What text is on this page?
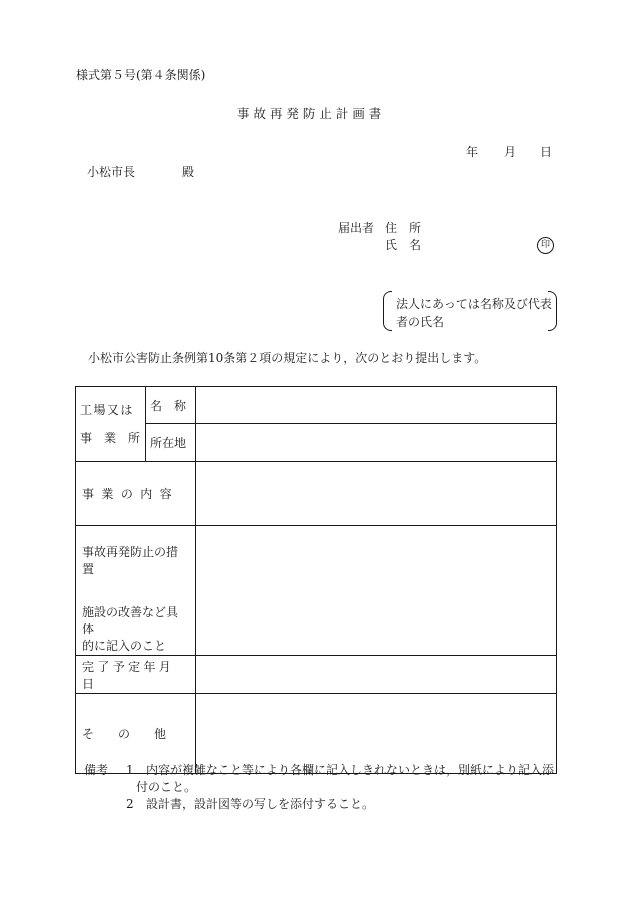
様式第５号(第４条関係)
事 故 再 発 防 止 計 画 書
年 月 日
小松市長	殿
届出者 住　所
氏　名	印
法人にあっては名称及び代表
者の氏名
小松市公害防止条例第10条第２項の規定により，次のとおり提出します。
工場又は
事　業　所	名　称	
	所在地	
事 業 の 内 容		

事故再発防止の措置
施設の改善など具体
的に記入のこと		

完了予定年月日		
そ　　の　　他		
備考 1 内容が複雑なこと等により各欄に記入しきれないときは，別紙により記入添
付のこと。
2 設計書，設計図等の写しを添付すること。
